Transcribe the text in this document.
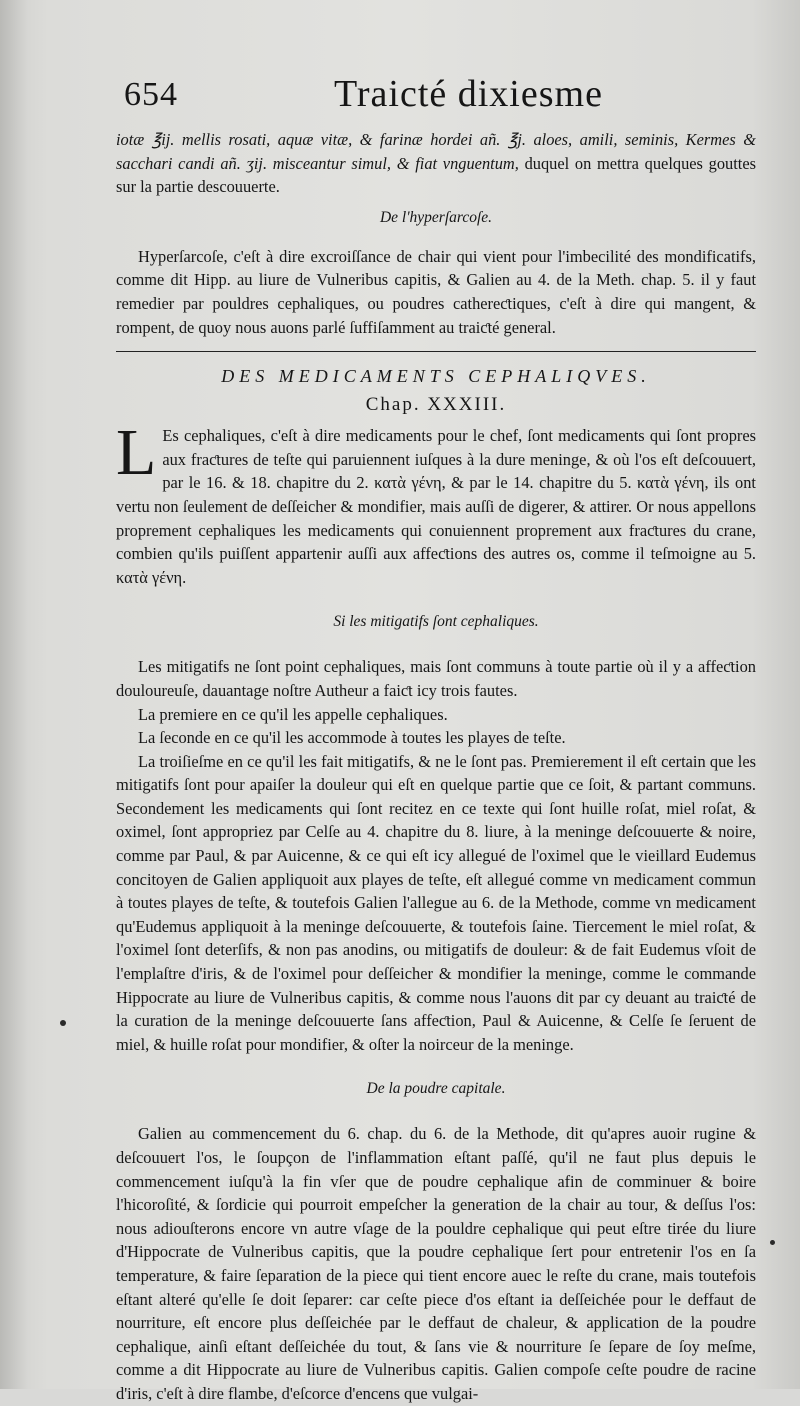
654	Traicté dixiesme

iotæ ℥ij. mellis rosati, aquæ vitæ, & farinæ hordei añ. ℥j. aloes, amili, seminis, Kermes & sacchari candi añ. ʒij. misceantur simul, & fiat vnguentum, duquel on mettra quelques gouttes sur la partie descouuerte.

De l'hyperſarcoſe.

Hyperſarcoſe, c'eſt à dire excroiſſance de chair qui vient pour l'imbecilité des mondificatifs, comme dit Hipp. au liure de Vulneribus capitis, & Galien au 4. de la Meth. chap. 5. il y faut remedier par pouldres cephaliques, ou poudres cathereƈtiques, c'eſt à dire qui mangent, & rompent, de quoy nous auons parlé ſuffiſamment au traiƈté general.

DES MEDICAMENTS CEPHALIQVES.
Chap. XXXIII.
L Es cephaliques, c'eſt à dire medicaments pour le chef, ſont medicaments qui ſont propres aux fraƈtures de teſte qui paruiennent iuſques à la dure meninge, & où l'os eſt deſcouuert, par le 16. & 18. chapitre du 2. κατὰ γένη, & par le 14. chapitre du 5. κατὰ γένη, ils ont vertu non ſeulement de deſſeicher & mondifier, mais auſſi de digerer, & attirer. Or nous appellons proprement cephaliques les medicaments qui conuiennent proprement aux fraƈtures du crane, combien qu'ils puiſſent appartenir auſſi aux affeƈtions des autres os, comme il teſmoigne au 5. κατὰ γένη.

Si les mitigatifs ſont cephaliques.

Les mitigatifs ne ſont point cephaliques, mais ſont communs à toute partie où il y a affeƈtion douloureuſe, dauantage noſtre Autheur a faiƈt icy trois fautes.

La premiere en ce qu'il les appelle cephaliques.

La ſeconde en ce qu'il les accommode à toutes les playes de teſte.

La troiſieſme en ce qu'il les fait mitigatifs, & ne le ſont pas. Premierement il eſt certain que les mitigatifs ſont pour apaiſer la douleur qui eſt en quelque partie que ce ſoit, & partant communs. Secondement les medicaments qui ſont recitez en ce texte qui ſont huille roſat, miel roſat, & oximel, ſont appropriez par Celſe au 4. chapitre du 8. liure, à la meninge deſcouuerte & noire, comme par Paul, & par Auicenne, & ce qui eſt icy allegué de l'oximel que le vieillard Eudemus concitoyen de Galien appliquoit aux playes de teſte, eſt allegué comme vn medicament commun à toutes playes de teſte, & toutefois Galien l'allegue au 6. de la Methode, comme vn medicament qu'Eudemus appliquoit à la meninge deſcouuerte, & toutefois ſaine. Tiercement le miel roſat, & l'oximel ſont deterſifs, & non pas anodins, ou mitigatifs de douleur: & de fait Eudemus vſoit de l'emplaſtre d'iris, & de l'oximel pour deſſeicher & mondifier la meninge, comme le commande Hippocrate au liure de Vulneribus capitis, & comme nous l'auons dit par cy deuant au traiƈté de la curation de la meninge deſcouuerte ſans affeƈtion, Paul & Auicenne, & Celſe ſe ſeruent de miel, & huille roſat pour mondifier, & oſter la noirceur de la meninge.

De la poudre capitale.

Galien au commencement du 6. chap. du 6. de la Methode, dit qu'apres auoir rugine & deſcouuert l'os, le ſoupçon de l'inflammation eſtant paſſé, qu'il ne faut plus depuis le commencement iuſqu'à la fin vſer que de poudre cephalique afin de comminuer & boire l'hicoroſité, & ſordicie qui pourroit empeſcher la generation de la chair au tour, & deſſus l'os: nous adiouſterons encore vn autre vſage de la pouldre cephalique qui peut eſtre tirée du liure d'Hippocrate de Vulneribus capitis, que la poudre cephalique ſert pour entretenir l'os en ſa temperature, & faire ſeparation de la piece qui tient encore auec le reſte du crane, mais toutefois eſtant alteré qu'elle ſe doit ſeparer: car ceſte piece d'os eſtant ia deſſeichée pour le deffaut de nourriture, eſt encore plus deſſeichée par le deffaut de chaleur, & application de la poudre cephalique, ainſi eſtant deſſeichée du tout, & ſans vie & nourriture ſe ſepare de ſoy meſme, comme a dit Hippocrate au liure de Vulneribus capitis. Galien compoſe ceſte poudre de racine d'iris, c'eſt à dire flambe, d'eſcorce d'encens que vulgai-
